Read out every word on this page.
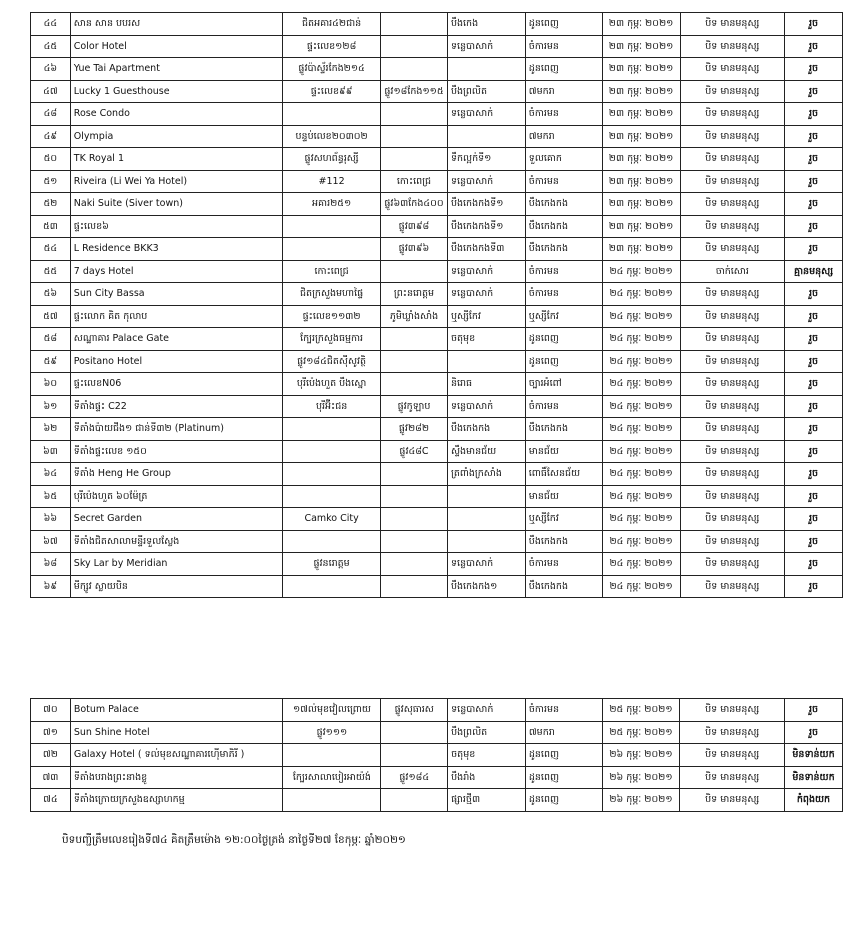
៤៤	សាន សាន បបរស	ជិតអគារ៤២ជាន់		បឹងកេង	ដូនពេញ	២៣ កុម្ភៈ ២០២១	បិទ មានមនុស្ស	រួច
៤៥	Color Hotel	ផ្ទះលេខ១២៨		ទន្លេបាសាក់	ចំការមន	២៣ កុម្ភៈ ២០២១	បិទ មានមនុស្ស	រួច
៤៦	Yue Tai Apartment	ផ្លូវប៉ាស្ទ័រកែង២១៤			ដូនពេញ	២៣ កុម្ភៈ ២០២១	បិទ មានមនុស្ស	រួច
៤៧	Lucky 1 Guesthouse	ផ្ទះលេខ៩៩	ផ្លូវ១៨កែង១១៥	បឹងព្រលិត	៧មករា	២៣ កុម្ភៈ ២០២១	បិទ មានមនុស្ស	រួច
៤៨	Rose Condo			ទន្លេបាសាក់	ចំការមន	២៣ កុម្ភៈ ២០២១	បិទ មានមនុស្ស	រួច
៤៩	Olympia	បន្ទប់លេខ២០៣០២			៧មករា	២៣ កុម្ភៈ ២០២១	បិទ មានមនុស្ស	រួច
៥០	TK Royal 1	ផ្លូវសហព័ន្ធរុស្សី		ទឹកល្អក់ទី១	ទួលគោក	២៣ កុម្ភៈ ២០២១	បិទ មានមនុស្ស	រួច
៥១	Riveira (Li Wei Ya Hotel)	#112	កោះពេជ្រ	ទន្លេបាសាក់	ចំការមន	២៣ កុម្ភៈ ២០២១	បិទ មានមនុស្ស	រួច
៥២	Naki Suite (Siver town)	អគារ២៥១	ផ្លូវ៦៣កែង៤០០	បឹងកេងកងទី១	បឹងកេងកង	២៣ កុម្ភៈ ២០២១	បិទ មានមនុស្ស	រួច
៥៣	ផ្ទះលេខ៦		ផ្លូវ៣៩៨	បឹងកេងកងទី១	បឹងកេងកង	២៣ កុម្ភៈ ២០២១	បិទ មានមនុស្ស	រួច
៥៤	L Residence BKK3		ផ្លូវ៣៩៦	បឹងកេងកងទី៣	បឹងកេងកង	២៣ កុម្ភៈ ២០២១	បិទ មានមនុស្ស	រួច
៥៥	7 days Hotel	កោះពេជ្រ		ទន្លេបាសាក់	ចំការមន	២៤ កុម្ភៈ ២០២១	ចាក់សោរ	គ្មានមនុស្ស
៥៦	Sun City Bassa	ជិតក្រសួងមហាផ្ទៃ	ព្រះនរោត្តម	ទន្លេបាសាក់	ចំការមន	២៤ កុម្ភៈ ២០២១	បិទ មានមនុស្ស	រួច
៥៧	ផ្ទះលោក គិត កុលាប	ផ្ទះលេខ១១៣២	ភូមិឃ្លាំងសាំង	ឬស្សីកែវ	ឬស្សីកែវ	២៤ កុម្ភៈ ២០២១	បិទ មានមនុស្ស	រួច
៥៨	សណ្ឋាគារ Palace Gate	ក្បែរក្រសួងធម្មការ		ចតុមុខ	ដូនពេញ	២៤ កុម្ភៈ ២០២១	បិទ មានមនុស្ស	រួច
៥៩	Positano Hotel	ផ្លូវ១៨៤ជិតសុីសូវត្ថិ			ដូនពេញ	២៤ កុម្ភៈ ២០២១	បិទ មានមនុស្ស	រួច
៦០	ផ្ទះលេខN06	បុរីប៉េងហួត បឹងស្នោ		និរោធ	ច្បារអំពៅ	២៤ កុម្ភៈ ២០២១	បិទ មានមនុស្ស	រួច
៦១	ទីតាំងផ្ទះ C22	បុរីអ៊ីះជន	ផ្លូវកូឡាប	ទន្លេបាសាក់	ចំការមន	២៤ កុម្ភៈ ២០២១	បិទ មានមនុស្ស	រួច
៦២	ទីតាំងប៉ាយជីង១ ជាន់ទី៣២ (Platinum)		ផ្លូវ២៨២	បឹងកេងកង	បឹងកេងកង	២៤ កុម្ភៈ ២០២១	បិទ មានមនុស្ស	រួច
៦៣	ទីតាំងផ្ទះលេខ ១៥០		ផ្លូវ៤៨C	ស្ទឹងមានជ័យ	មានជ័យ	២៤ កុម្ភៈ ២០២១	បិទ មានមនុស្ស	រួច
៦៤	ទីតាំង Heng He Group			ត្រពាំងក្រសាំង	ពោធិ៍សែនជ័យ	២៤ កុម្ភៈ ២០២១	បិទ មានមនុស្ស	រួច
៦៥	បុរីប៉េងហួត ៦០ម៉ែត្រ				មានជ័យ	២៤ កុម្ភៈ ២០២១	បិទ មានមនុស្ស	រួច
៦៦	Secret Garden	Camko City			ឬស្សីកែវ	២៤ កុម្ភៈ ២០២១	បិទ មានមនុស្ស	រួច
៦៧	ទីតាំងជិតសាលាមន្ទីរទួលស្លែង				បឹងកេងកង	២៤ កុម្ភៈ ២០២១	បិទ មានមនុស្ស	រួច
៦៨	Sky Lar by Meridian	ផ្លូវនរោត្តម		ទន្លេបាសាក់	ចំការមន	២៤ កុម្ភៈ ២០២១	បិទ មានមនុស្ស	រួច
៦៩	មីក្សូវ ស្លាយបិន			បឹងកេងកង១	បឹងកេងកង	២៤ កុម្ភៈ ២០២១	បិទ មានមនុស្ស	រួច
៧០	Botum Palace	១៧ល់មុខវៀលព្រោយ	ផ្លូវសុធារស	ទន្លេបាសាក់	ចំការមន	២៥ កុម្ភៈ ២០២១	បិទ មានមនុស្ស	រួច
៧១	Sun Shine Hotel	ផ្លូវ១១១		បឹងព្រលិត	៧មករា	២៥ កុម្ភៈ ២០២១	បិទ មានមនុស្ស	រួច
៧២	Galaxy Hotel ( ទល់មុខសណ្ឋាគារហ៊ើមាភិរី )			ចតុមុខ	ដូនពេញ	២៦ កុម្ភៈ ២០២១	បិទ មានមនុស្ស	មិនទាន់យក
៧៣	ទីតាំងបរាងព្រះនាងខ្លូ	ក្បែរសាលាបៀរអាយ៉ង់	ផ្លូវ១៨៤	បឹងរាំង	ដូនពេញ	២៦ កុម្ភៈ ២០២១	បិទ មានមនុស្ស	មិនទាន់យក
៧៤	ទីតាំងក្រោយក្រសួងឧស្សាហកម្ម			ផ្សារថ្មី៣	ដូនពេញ	២៦ កុម្ភៈ ២០២១	បិទ មានមនុស្ស	កំពុងយក
បិទបញ្ជីត្រឹមលេខរៀងទី៧៤ គិតត្រឹមម៉ោង ១២:០០ថ្ងៃត្រង់ នាថ្ងៃទី២៧ ខែកុម្ភៈ ឆ្នាំ២០២១
